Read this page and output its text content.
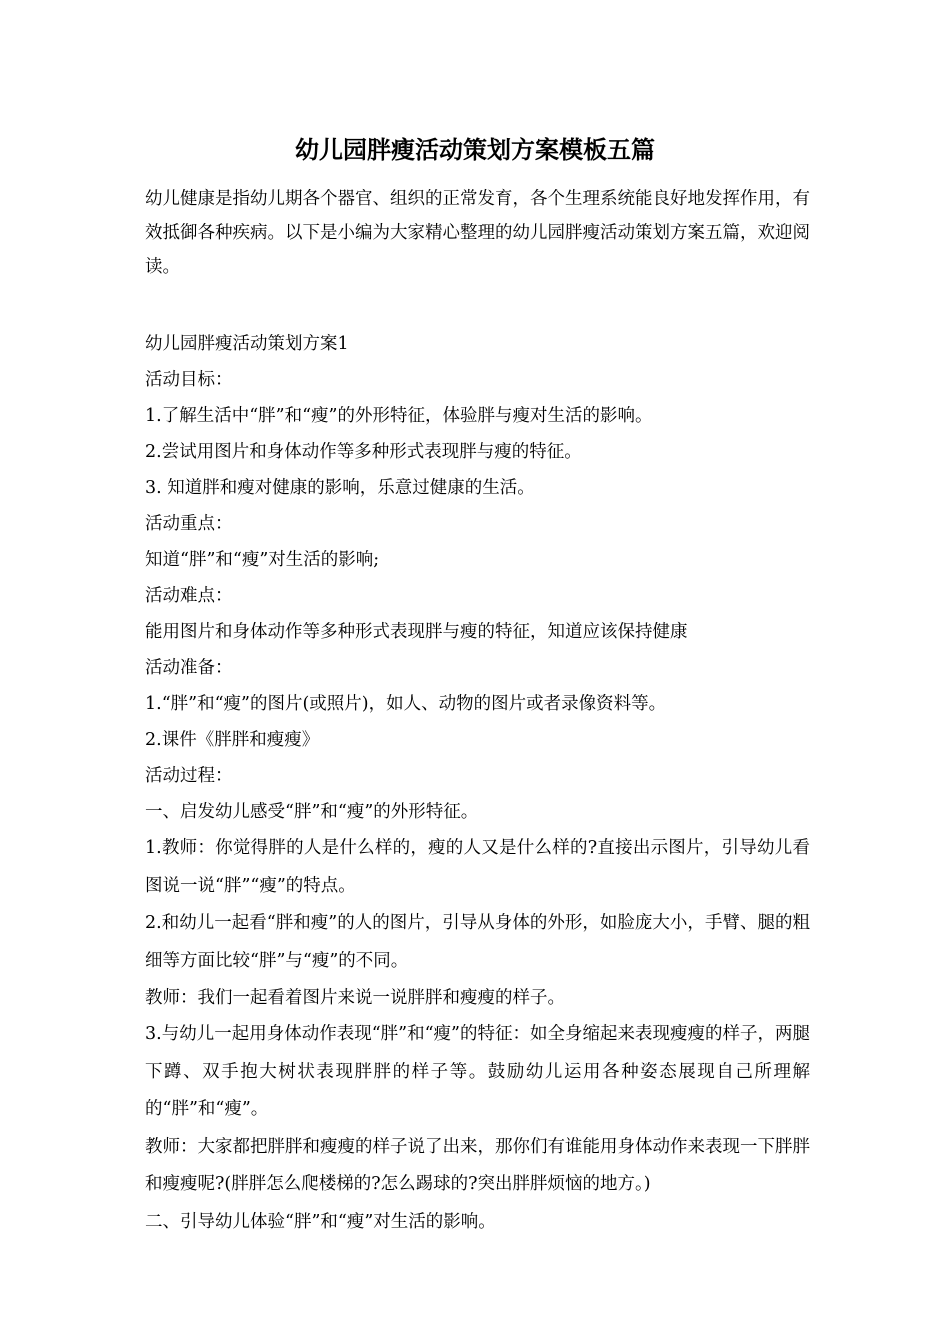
幼儿园胖瘦活动策划方案模板五篇

幼儿健康是指幼儿期各个器官、组织的正常发育，各个生理系统能良好地发挥作用，有效抵御各种疾病。以下是小编为大家精心整理的幼儿园胖瘦活动策划方案五篇，欢迎阅读。

幼儿园胖瘦活动策划方案1
活动目标：
1.了解生活中“胖”和“瘦”的外形特征，体验胖与瘦对生活的影响。
2.尝试用图片和身体动作等多种形式表现胖与瘦的特征。
3. 知道胖和瘦对健康的影响，乐意过健康的生活。
活动重点：
知道“胖”和“瘦”对生活的影响;
活动难点：
能用图片和身体动作等多种形式表现胖与瘦的特征，知道应该保持健康
活动准备：
1.“胖”和“瘦”的图片(或照片)，如人、动物的图片或者录像资料等。
2.课件《胖胖和瘦瘦》
活动过程：
一、启发幼儿感受“胖”和“瘦”的外形特征。

1.教师：你觉得胖的人是什么样的，瘦的人又是什么样的?直接出示图片，引导幼儿看图说一说“胖”“瘦”的特点。

2.和幼儿一起看“胖和瘦”的人的图片，引导从身体的外形，如脸庞大小，手臂、腿的粗细等方面比较“胖”与“瘦”的不同。

教师：我们一起看着图片来说一说胖胖和瘦瘦的样子。

3.与幼儿一起用身体动作表现“胖”和“瘦”的特征：如全身缩起来表现瘦瘦的样子，两腿下蹲、双手抱大树状表现胖胖的样子等。鼓励幼儿运用各种姿态展现自己所理解的“胖”和“瘦”。

教师：大家都把胖胖和瘦瘦的样子说了出来，那你们有谁能用身体动作来表现一下胖胖和瘦瘦呢?(胖胖怎么爬楼梯的?怎么踢球的?突出胖胖烦恼的地方。)

二、引导幼儿体验“胖”和“瘦”对生活的影响。
